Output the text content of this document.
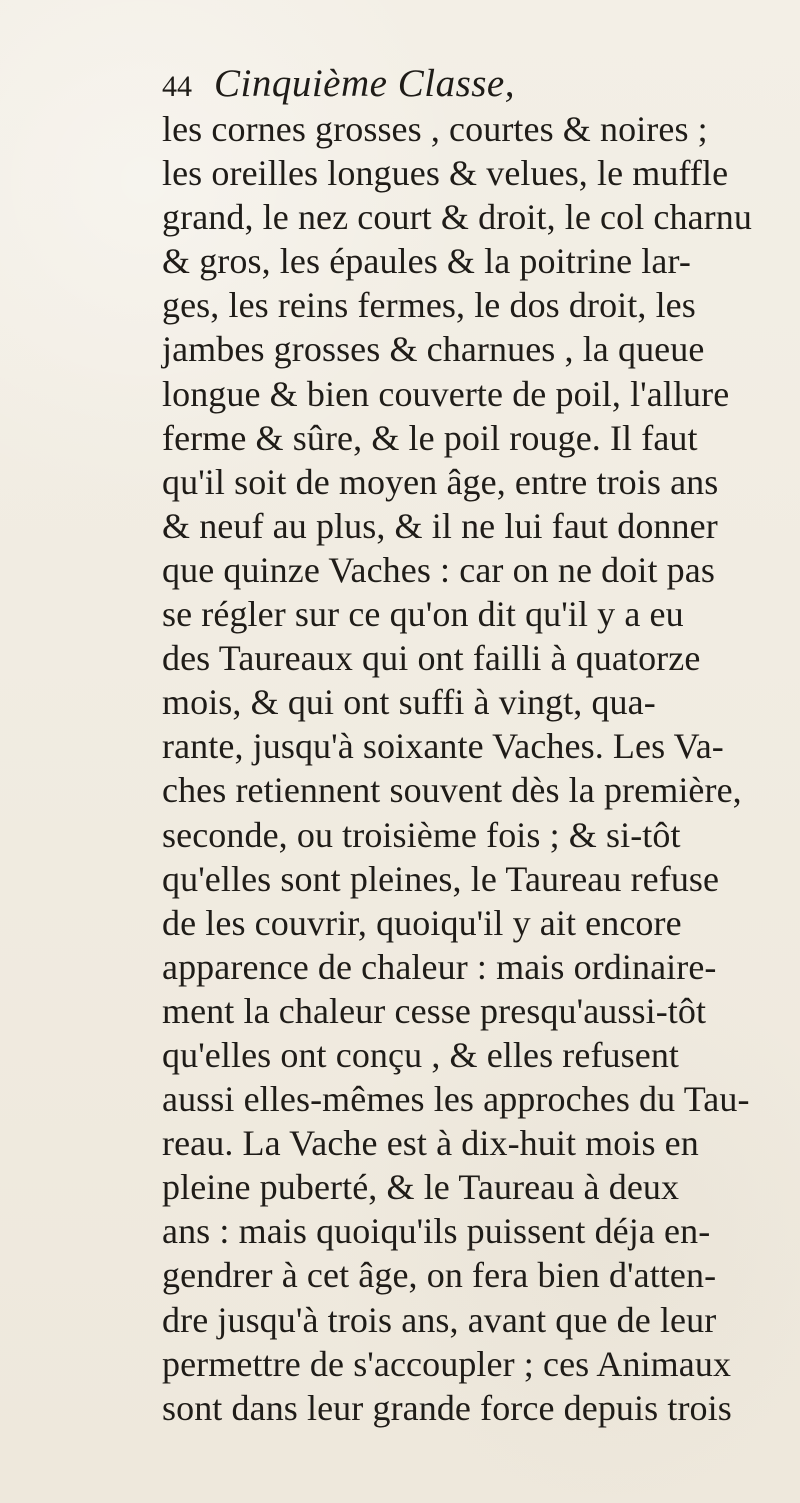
44 Cinquième Classe,
les cornes grosses , courtes & noires ;
les oreilles longues & velues, le muffle
grand, le nez court & droit, le col charnu
& gros, les épaules & la poitrine lar-
ges, les reins fermes, le dos droit, les
jambes grosses & charnues , la queue
longue & bien couverte de poil, l'allure
ferme & sûre, & le poil rouge. Il faut
qu'il soit de moyen âge, entre trois ans
& neuf au plus, & il ne lui faut donner
que quinze Vaches : car on ne doit pas
se régler sur ce qu'on dit qu'il y a eu
des Taureaux qui ont failli à quatorze
mois, & qui ont suffi à vingt, qua-
rante, jusqu'à soixante Vaches. Les Va-
ches retiennent souvent dès la première,
seconde, ou troisième fois ; & si-tôt
qu'elles sont pleines, le Taureau refuse
de les couvrir, quoiqu'il y ait encore
apparence de chaleur : mais ordinaire-
ment la chaleur cesse presqu'aussi-tôt
qu'elles ont conçu , & elles refusent
aussi elles-mêmes les approches du Tau-
reau. La Vache est à dix-huit mois en
pleine puberté, & le Taureau à deux
ans : mais quoiqu'ils puissent déja en-
gendrer à cet âge, on fera bien d'atten-
dre jusqu'à trois ans, avant que de leur
permettre de s'accoupler ; ces Animaux
sont dans leur grande force depuis trois
